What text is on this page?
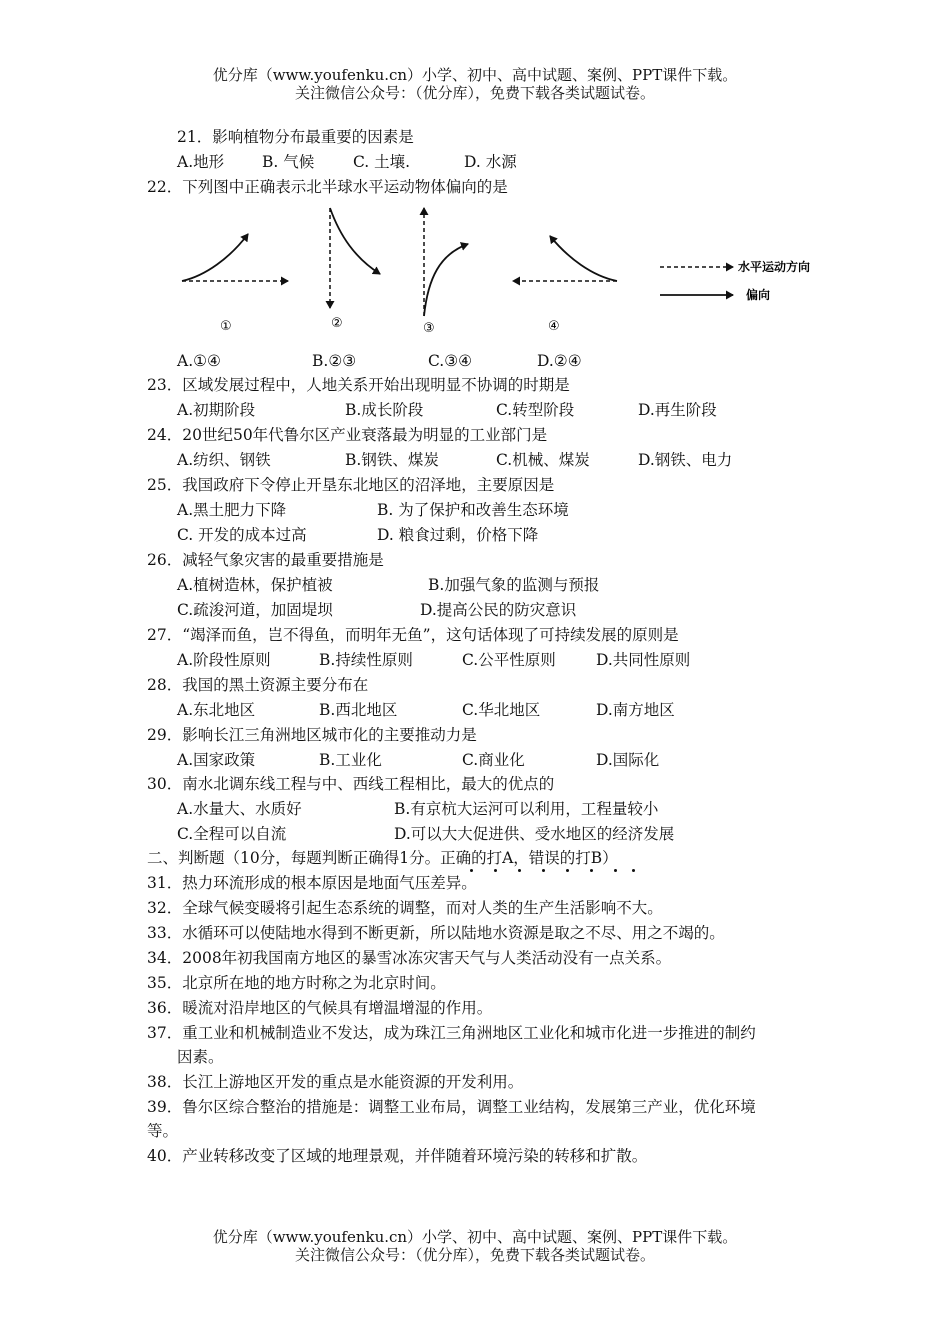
优分库（www.youfenku.cn）小学、初中、高中试题、案例、PPT课件下载。
关注微信公众号：（优分库），免费下载各类试题试卷。
21．影响植物分布最重要的因素是
A.地形 B. 气候	C. 土壤.	D. 水源
22．下列图中正确表示北半球水平运动物体偏向的是
①	②	③	④
水平运动方向
偏向
A.①④	B.②③	C.③④	D.②④
23．区域发展过程中，人地关系开始出现明显不协调的时期是
A.初期阶段	B.成长阶段	C.转型阶段	D.再生阶段
24．20世纪50年代鲁尔区产业衰落最为明显的工业部门是
A.纺织、钢铁	B.钢铁、煤炭	C.机械、煤炭	D.钢铁、电力
25．我国政府下令停止开垦东北地区的沼泽地，主要原因是
A.黑土肥力下降	B. 为了保护和改善生态环境
C. 开发的成本过高	D. 粮食过剩，价格下降
26．减轻气象灾害的最重要措施是
A.植树造林，保护植被	B.加强气象的监测与预报
C.疏浚河道，加固堤坝	D.提高公民的防灾意识
27．“竭泽而鱼，岂不得鱼，而明年无鱼”，这句话体现了可持续发展的原则是
A.阶段性原则	B.持续性原则	C.公平性原则	D.共同性原则
28．我国的黑土资源主要分布在
A.东北地区	B.西北地区	C.华北地区	D.南方地区
29．影响长江三角洲地区城市化的主要推动力是
A.国家政策	B.工业化	C.商业化	D.国际化
30．南水北调东线工程与中、西线工程相比，最大的优点的
A.水量大、水质好	B.有京杭大运河可以利用，工程量较小
C.全程可以自流	D.可以大大促进供、受水地区的经济发展
二、判断题（10分，每题判断正确得1分。正确的打A，错误的打B）
31．热力环流形成的根本原因是地面气压差异。
32．全球气候变暖将引起生态系统的调整，而对人类的生产生活影响不大。
33．水循环可以使陆地水得到不断更新，所以陆地水资源是取之不尽、用之不竭的。
34．2008年初我国南方地区的暴雪冰冻灾害天气与人类活动没有一点关系。
35．北京所在地的地方时称之为北京时间。
36．暖流对沿岸地区的气候具有增温增湿的作用。
37．重工业和机械制造业不发达，成为珠江三角洲地区工业化和城市化进一步推进的制约
因素。
38．长江上游地区开发的重点是水能资源的开发利用。
39．鲁尔区综合整治的措施是：调整工业布局，调整工业结构，发展第三产业，优化环境
等。
40．产业转移改变了区域的地理景观，并伴随着环境污染的转移和扩散。
优分库（www.youfenku.cn）小学、初中、高中试题、案例、PPT课件下载。
关注微信公众号：（优分库），免费下载各类试题试卷。
